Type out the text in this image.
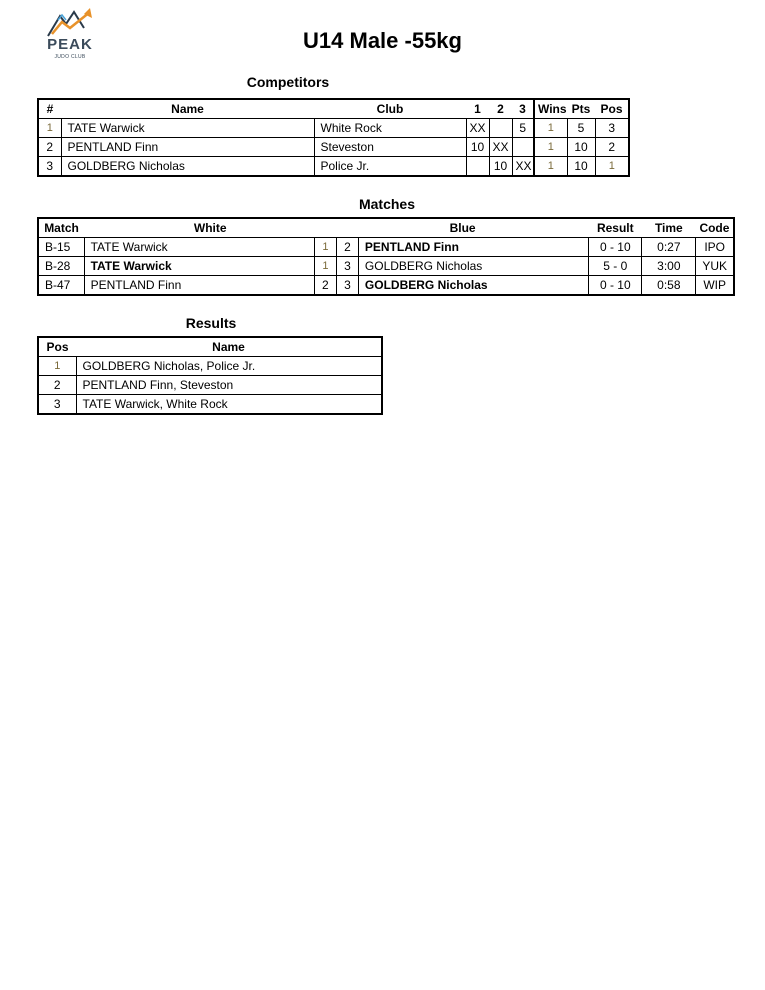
PEAK
JUDO CLUB
U14 Male -55kg
Competitors
#	Name	Club	1	2	3	Wins	Pts	Pos
1	TATE Warwick	White Rock	XX		5	1	5	3
2	PENTLAND Finn	Steveston	10	XX		1	10	2
3	GOLDBERG Nicholas	Police Jr.		10	XX	1	10	1
Matches
Match	White		Blue		Result	Time	Code
B-15	TATE Warwick	1	2	PENTLAND Finn	0 - 10	0:27	IPO
B-28	TATE Warwick	1	3	GOLDBERG Nicholas	5 - 0	3:00	YUK
B-47	PENTLAND Finn	2	3	GOLDBERG Nicholas	0 - 10	0:58	WIP
Results
Pos	Name
1	GOLDBERG Nicholas, Police Jr.
2	PENTLAND Finn, Steveston
3	TATE Warwick, White Rock
